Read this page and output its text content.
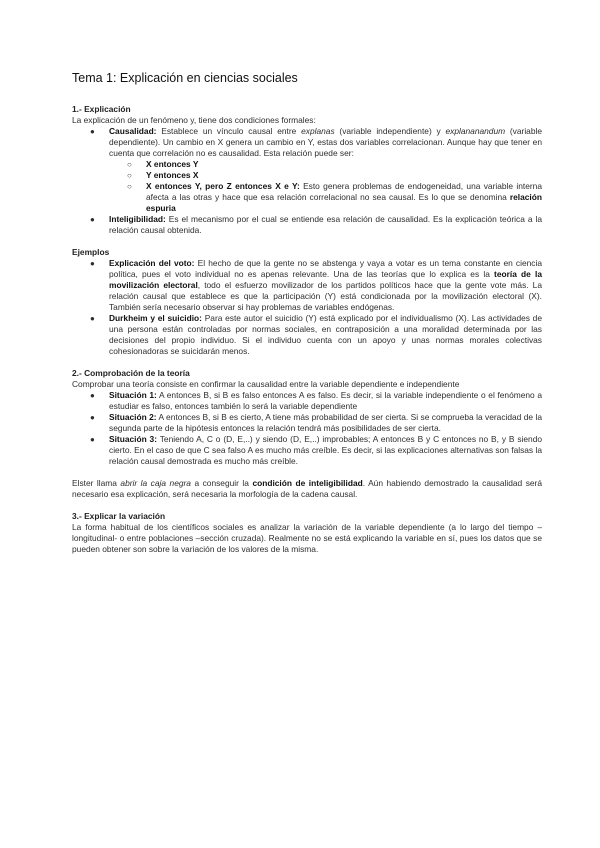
Tema 1: Explicación en ciencias sociales
1.- Explicación

La explicación de un fenómeno y, tiene dos condiciones formales:

● Causalidad: Establece un vínculo causal entre explanas (variable independiente) y explananandum (variable dependiente). Un cambio en X genera un cambio en Y, estas dos variables correlacionan. Aunque hay que tener en cuenta que correlación no es causalidad. Esta relación puede ser:
○ X entonces Y
○ Y entonces X
○ X entonces Y, pero Z entonces X e Y: Esto genera problemas de endogeneidad, una variable interna afecta a las otras y hace que esa relación correlacional no sea causal. Es lo que se denomina relación espuria
● Inteligibilidad: Es el mecanismo por el cual se entiende esa relación de causalidad. Es la explicación teórica a la relación causal obtenida.
Ejemplos
● Explicación del voto: El hecho de que la gente no se abstenga y vaya a votar es un tema constante en ciencia política, pues el voto individual no es apenas relevante. Una de las teorías que lo explica es la teoría de la movilización electoral, todo el esfuerzo movilizador de los partidos políticos hace que la gente vote más. La relación causal que establece es que la participación (Y) está condicionada por la movilización electoral (X). También sería necesario observar si hay problemas de variables endógenas.
● Durkheim y el suicidio: Para este autor el suicidio (Y) está explicado por el individualismo (X). Las actividades de una persona están controladas por normas sociales, en contraposición a una moralidad determinada por las decisiones del propio individuo. Si el individuo cuenta con un apoyo y unas normas morales colectivas cohesionadoras se suicidarán menos.
2.- Comprobación de la teoría

Comprobar una teoría consiste en confirmar la causalidad entre la variable dependiente e independiente

● Situación 1: A entonces B, si B es falso entonces A es falso. Es decir, si la variable independiente o el fenómeno a estudiar es falso, entonces también lo será la variable dependiente
● Situación 2: A entonces B, si B es cierto, A tiene más probabilidad de ser cierta. Si se comprueba la veracidad de la segunda parte de la hipótesis entonces la relación tendrá más posibilidades de ser cierta.
● Situación 3: Teniendo A, C o (D, E,..) y siendo (D, E,..) improbables; A entonces B y C entonces no B, y B siendo cierto. En el caso de que C sea falso A es mucho más creíble. Es decir, si las explicaciones alternativas son falsas la relación causal demostrada es mucho más creíble.

Elster llama abrir la caja negra a conseguir la condición de inteligibilidad. Aún habiendo demostrado la causalidad será necesario esa explicación, será necesaria la morfología de la cadena causal.

3.- Explicar la variación

La forma habitual de los científicos sociales es analizar la variación de la variable dependiente (a lo largo del tiempo –longitudinal- o entre poblaciones –sección cruzada). Realmente no se está explicando la variable en sí, pues los datos que se pueden obtener son sobre la variación de los valores de la misma.
